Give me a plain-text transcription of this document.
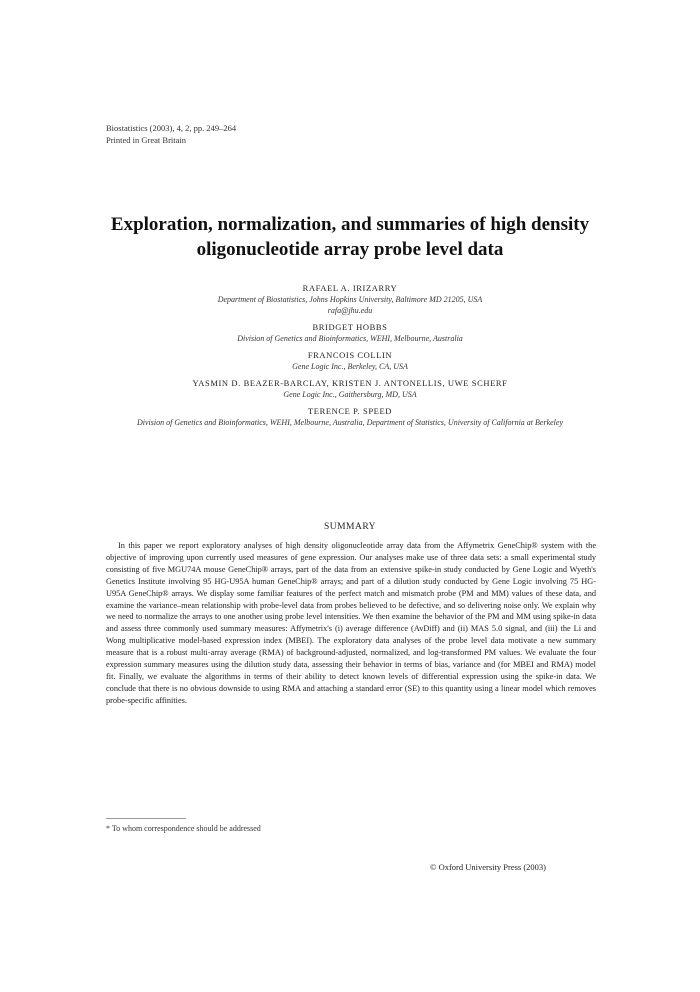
Biostatistics (2003), 4, 2, pp. 249–264
Printed in Great Britain
Exploration, normalization, and summaries of high density oligonucleotide array probe level data
RAFAEL A. IRIZARRY
Department of Biostatistics, Johns Hopkins University, Baltimore MD 21205, USA
rafa@jhu.edu
BRIDGET HOBBS
Division of Genetics and Bioinformatics, WEHI, Melbourne, Australia
FRANCOIS COLLIN
Gene Logic Inc., Berkeley, CA, USA
YASMIN D. BEAZER-BARCLAY, KRISTEN J. ANTONELLIS, UWE SCHERF
Gene Logic Inc., Gaithersburg, MD, USA
TERENCE P. SPEED
Division of Genetics and Bioinformatics, WEHI, Melbourne, Australia, Department of Statistics, University of California at Berkeley
SUMMARY
In this paper we report exploratory analyses of high density oligonucleotide array data from the Affymetrix GeneChip® system with the objective of improving upon currently used measures of gene expression. Our analyses make use of three data sets: a small experimental study consisting of five MGU74A mouse GeneChip® arrays, part of the data from an extensive spike-in study conducted by Gene Logic and Wyeth's Genetics Institute involving 95 HG-U95A human GeneChip® arrays; and part of a dilution study conducted by Gene Logic involving 75 HG-U95A GeneChip® arrays. We display some familiar features of the perfect match and mismatch probe (PM and MM) values of these data, and examine the variance–mean relationship with probe-level data from probes believed to be defective, and so delivering noise only. We explain why we need to normalize the arrays to one another using probe level intensities. We then examine the behavior of the PM and MM using spike-in data and assess three commonly used summary measures: Affymetrix's (i) average difference (AvDiff) and (ii) MAS 5.0 signal, and (iii) the Li and Wong multiplicative model-based expression index (MBEI). The exploratory data analyses of the probe level data motivate a new summary measure that is a robust multi-array average (RMA) of background-adjusted, normalized, and log-transformed PM values. We evaluate the four expression summary measures using the dilution study data, assessing their behavior in terms of bias, variance and (for MBEI and RMA) model fit. Finally, we evaluate the algorithms in terms of their ability to detect known levels of differential expression using the spike-in data. We conclude that there is no obvious downside to using RMA and attaching a standard error (SE) to this quantity using a linear model which removes probe-specific affinities.
* To whom correspondence should be addressed
© Oxford University Press (2003)
